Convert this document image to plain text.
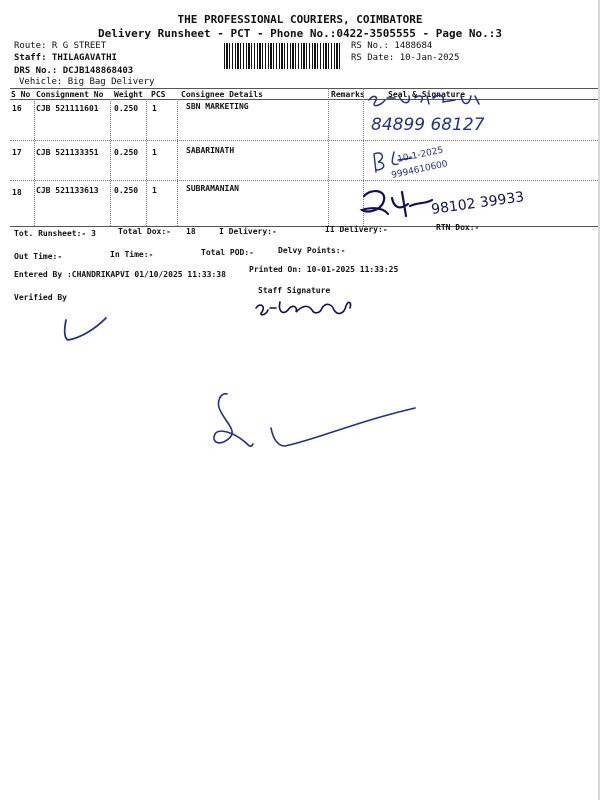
THE PROFESSIONAL COURIERS, COIMBATORE
Delivery Runsheet - PCT - Phone No.:0422-3505555 - Page No.:3
Route: R G STREET
Staff: THILAGAVATHI
DRS No.: DCJB148868403
Vehicle: Big Bag Delivery
RS No.: 1488684
RS Date: 10-Jan-2025
S No Consignment No Weight PCS Consignee Details	Remarks	Seal & Signature
16 CJB 521111601 0.250 1	SBN MARKETING
17 CJB 521133351 0.250 1	SABARINATH
18 CJB 521133613 0.250 1	SUBRAMANIAN
84899 68127
10-1-2025
9994610600
98102 39933
Tot. Runsheet:- 3	Total Dox:- 18	I Delivery:-	II Delivery:-	RTN Dox:-
Out Time:-	In Time:-	Total POD:-	Delvy Points:-
Entered By :CHANDRIKAPVI 01/10/2025 11:33:38
Printed On: 10-01-2025 11:33:25
Staff Signature
Verified By
